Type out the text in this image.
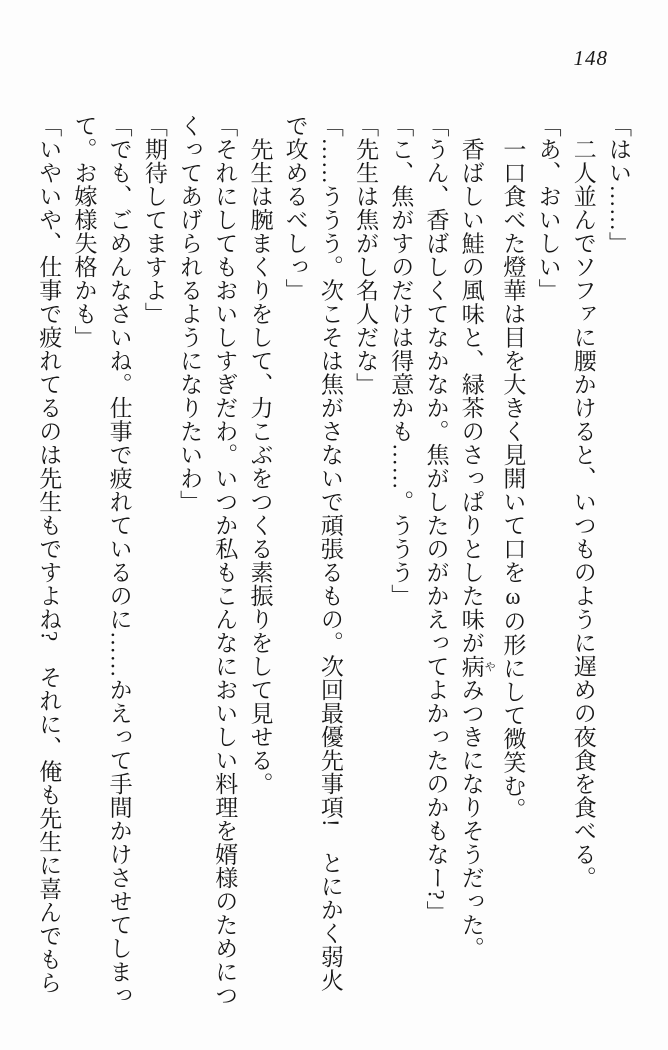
148

「はい……」

　二人並んでソファに腰かけると、いつものように遅めの夜食を食べる。

「あ、おいしい」

　一口食べた燈華は目を大きく見開いて口をωの形にして微笑む。

　香ばしい鮭の風味と、緑茶のさっぱりとした味が病 やみつきになりそうだった。

「うん、香ばしくてなかなか。焦がしたのがかえってよかったのかもなー?」

「こ、焦がすのだけは得意かも……。ううう」

「先生は焦がし名人だな」

「……ううう。次こそは焦がさないで頑張るもの。次回最優先事項!　とにかく弱火で攻めるべしっ」

　先生は腕まくりをして、力こぶをつくる素振りをして見せる。

「それにしてもおいしすぎだわ。いつか私もこんなにおいしい料理を婿様のためにつくってあげられるようになりたいわ」

「期待してますよ」

「でも、ごめんなさいね。仕事で疲れているのに……かえって手間かけさせてしまって。お嫁様失格かも」

「いやいや、仕事で疲れてるのは先生もですよね?　それに、俺も先生に喜んでもら
